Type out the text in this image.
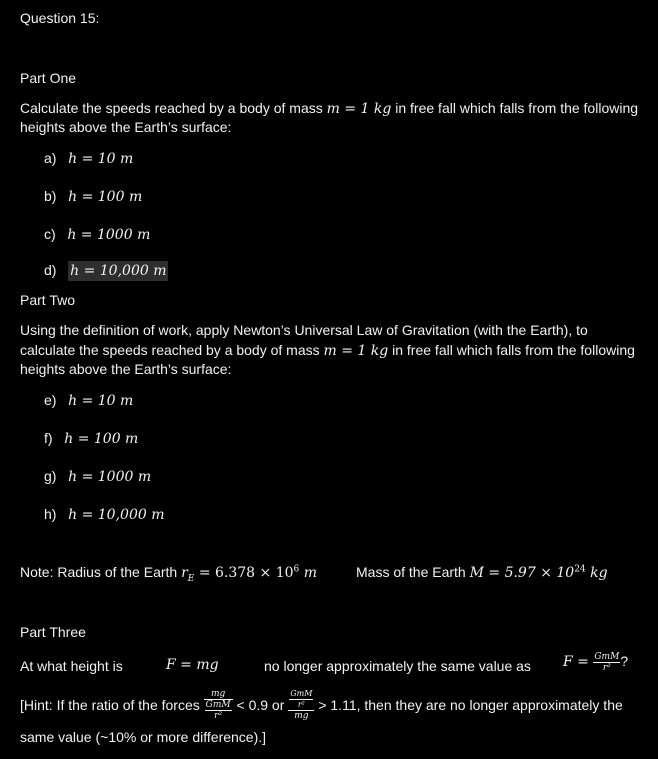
Question 15:
Part One
Calculate the speeds reached by a body of mass m = 1 kg in free fall which falls from the following
heights above the Earth’s surface:
a) h = 10 m
b) h = 100 m
c) h = 1000 m
d) h = 10,000 m
Part Two
Using the definition of work, apply Newton’s Universal Law of Gravitation (with the Earth), to
calculate the speeds reached by a body of mass m = 1 kg in free fall which falls from the following
heights above the Earth’s surface:
e) h = 10 m
f) h = 100 m
g) h = 1000 m
h) h = 10,000 m
Note: Radius of the Earth $r_E = 6.378 \times 10^6$ m	Mass of the Earth $M = 5.97 \times 10^{24}$ kg
Part Three
At what height is	F = mg	no longer approximately the same value as $F = \frac{\text{GmM}}{\text{r²}}$ ?
[Hint: If the ratio of the forces $\frac{mg}{\frac{\text{GmM}}{\text{r²}}} < 0.9$ or $\frac{\frac{\text{GmM}}{\text{r²}}}{mg} > 1.11$, then they are no longer approximately the
same value (~10% or more difference).]
